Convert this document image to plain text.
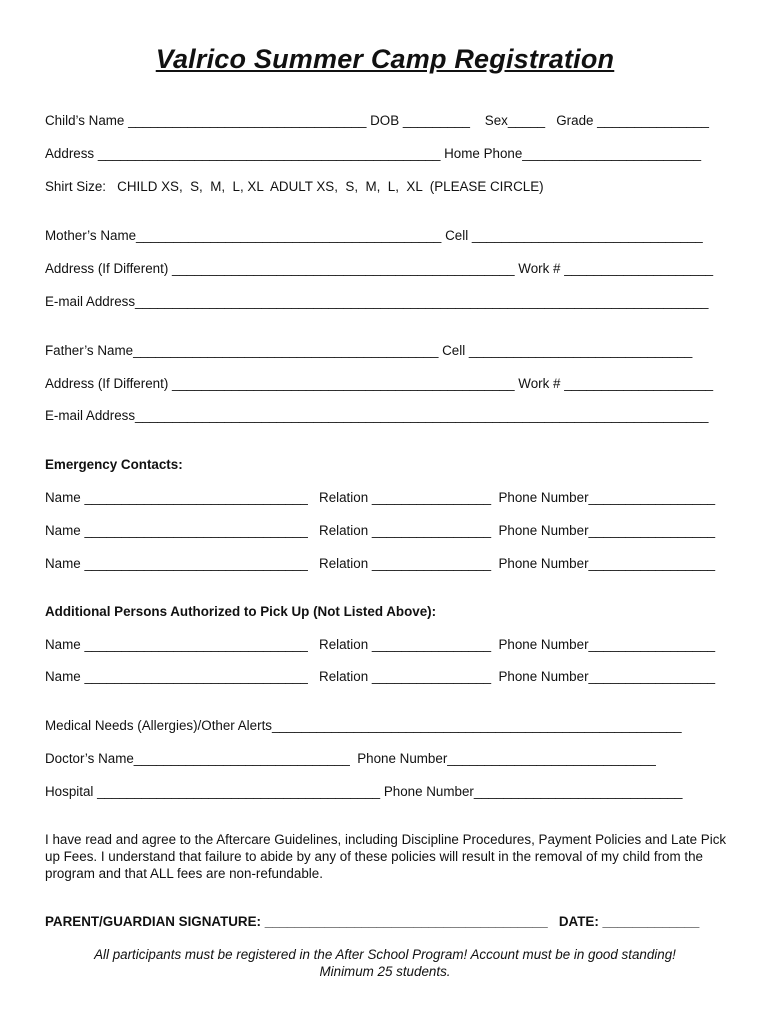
Valrico Summer Camp Registration
Child’s Name ________________________________ DOB _________    Sex_____   Grade _______________
Address ______________________________________________ Home Phone________________________
Shirt Size:   CHILD XS,  S,  M,  L, XL  ADULT XS,  S,  M,  L,  XL  (PLEASE CIRCLE)
Mother’s Name_________________________________________ Cell _______________________________
Address (If Different) ______________________________________________ Work # ____________________
E-mail Address_____________________________________________________________________________
Father’s Name_________________________________________ Cell ______________________________
Address (If Different) ______________________________________________ Work # ____________________
E-mail Address_____________________________________________________________________________
Emergency Contacts:
Name ______________________________   Relation ________________  Phone Number_________________
Name ______________________________   Relation ________________  Phone Number_________________
Name ______________________________   Relation ________________  Phone Number_________________
Additional Persons Authorized to Pick Up (Not Listed Above):
Name ______________________________   Relation ________________  Phone Number_________________
Name ______________________________   Relation ________________  Phone Number_________________
Medical Needs (Allergies)/Other Alerts_______________________________________________________
Doctor’s Name_____________________________  Phone Number____________________________
Hospital ______________________________________ Phone Number____________________________
I have read and agree to the Aftercare Guidelines, including Discipline Procedures, Payment Policies and Late Pick up Fees. I understand that failure to abide by any of these policies will result in the removal of my child from the program and that ALL fees are non-refundable.
PARENT/GUARDIAN SIGNATURE: ______________________________________   DATE: _____________
All participants must be registered in the After School Program! Account must be in good standing!
Minimum 25 students.
